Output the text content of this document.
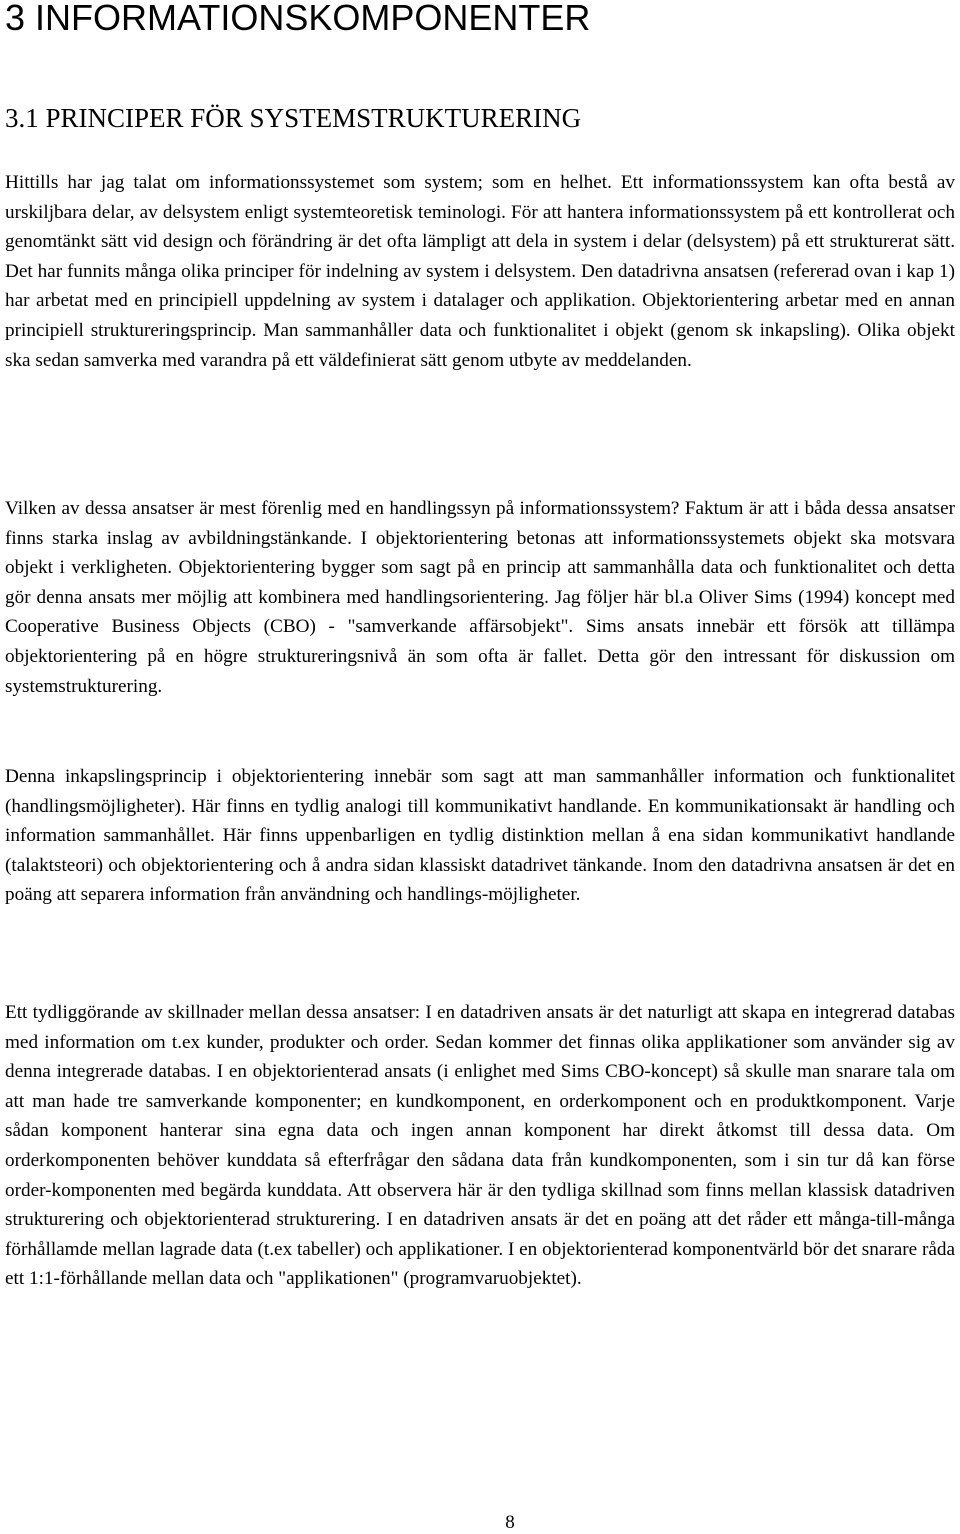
3 INFORMATIONSKOMPONENTER
3.1 PRINCIPER FÖR SYSTEMSTRUKTURERING

Hittills har jag talat om informationssystemet som system; som en helhet. Ett informationssystem kan ofta bestå av urskiljbara delar, av delsystem enligt systemteoretisk teminologi. För att hantera informationssystem på ett kontrollerat och genomtänkt sätt vid design och förändring är det ofta lämpligt att dela in system i delar (delsystem) på ett strukturerat sätt. Det har funnits många olika principer för indelning av system i delsystem. Den datadrivna ansatsen (refererad ovan i kap 1) har arbetat med en principiell uppdelning av system i datalager och applikation. Objektorientering arbetar med en annan principiell struktureringsprincip. Man sammanhåller data och funktionalitet i objekt (genom sk inkapsling). Olika objekt ska sedan samverka med varandra på ett väldefinierat sätt genom utbyte av meddelanden.

Vilken av dessa ansatser är mest förenlig med en handlingssyn på informationssystem? Faktum är att i båda dessa ansatser finns starka inslag av avbildningstänkande. I objektorientering betonas att informationssystemets objekt ska motsvara objekt i verkligheten. Objektorientering bygger som sagt på en princip att sammanhålla data och funktionalitet och detta gör denna ansats mer möjlig att kombinera med handlingsorientering. Jag följer här bl.a Oliver Sims (1994) koncept med Cooperative Business Objects (CBO) - "samverkande affärsobjekt". Sims ansats innebär ett försök att tillämpa objektorientering på en högre struktureringsnivå än som ofta är fallet. Detta gör den intressant för diskussion om systemstrukturering.

Denna inkapslingsprincip i objektorientering innebär som sagt att man sammanhåller information och funktionalitet (handlingsmöjligheter). Här finns en tydlig analogi till kommunikativt handlande. En kommunikationsakt är handling och information sammanhållet. Här finns uppenbarligen en tydlig distinktion mellan å ena sidan kommunikativt handlande (talaktsteori) och objektorientering och å andra sidan klassiskt datadrivet tänkande. Inom den datadrivna ansatsen är det en poäng att separera information från användning och handlings-möjligheter.

Ett tydliggörande av skillnader mellan dessa ansatser: I en datadriven ansats är det naturligt att skapa en integrerad databas med information om t.ex kunder, produkter och order. Sedan kommer det finnas olika applikationer som använder sig av denna integrerade databas. I en objektorienterad ansats (i enlighet med Sims CBO-koncept) så skulle man snarare tala om att man hade tre samverkande komponenter; en kundkomponent, en orderkomponent och en produktkomponent. Varje sådan komponent hanterar sina egna data och ingen annan komponent har direkt åtkomst till dessa data. Om orderkomponenten behöver kunddata så efterfrågar den sådana data från kundkomponenten, som i sin tur då kan förse order-komponenten med begärda kunddata. Att observera här är den tydliga skillnad som finns mellan klassisk datadriven strukturering och objektorienterad strukturering. I en datadriven ansats är det en poäng att det råder ett många-till-många förhållamde mellan lagrade data (t.ex tabeller) och applikationer. I en objektorienterad komponentvärld bör det snarare råda ett 1:1-förhållande mellan data och "applikationen" (programvaruobjektet).

8
